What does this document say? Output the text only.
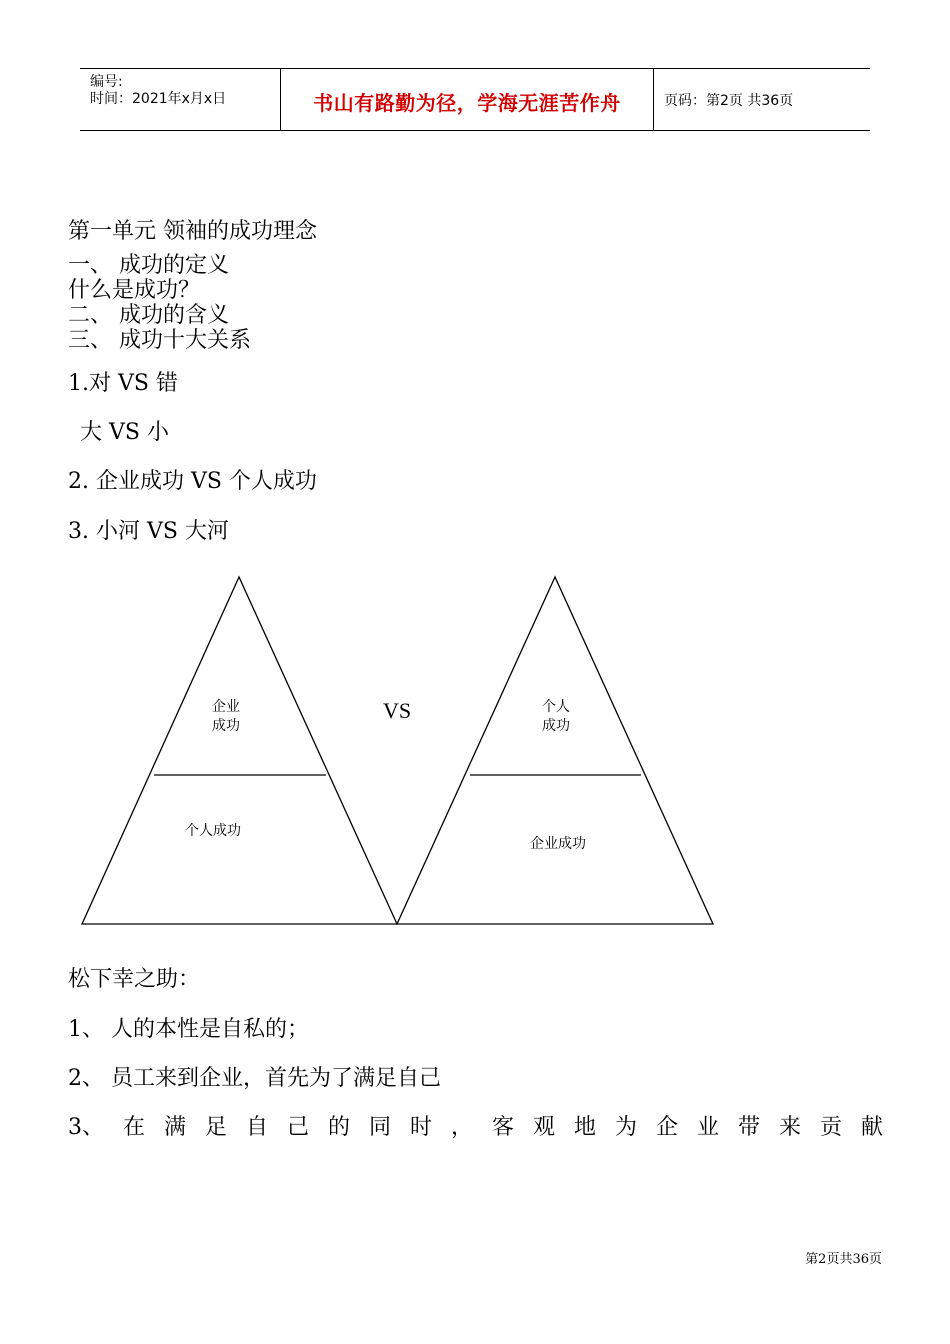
编号:
时间：2021年x月x日	书山有路勤为径，学海无涯苦作舟	页码：第2页 共36页
第一单元 领袖的成功理念
一、 成功的定义
什么是成功？
二、 成功的含义
三、 成功十大关系
1.对 VS 错
大 VS 小
2. 企业成功 VS 个人成功
3. 小河 VS 大河
企业
成功
个人成功
VS	个人
成功
企业成功
松下幸之助：
1、 人的本性是自私的；
2、 员工来到企业，首先为了满足自己
3、 在 满 足 自 己 的 同 时 ， 客 观 地 为 企 业 带 来 贡 献
第2页共36页
